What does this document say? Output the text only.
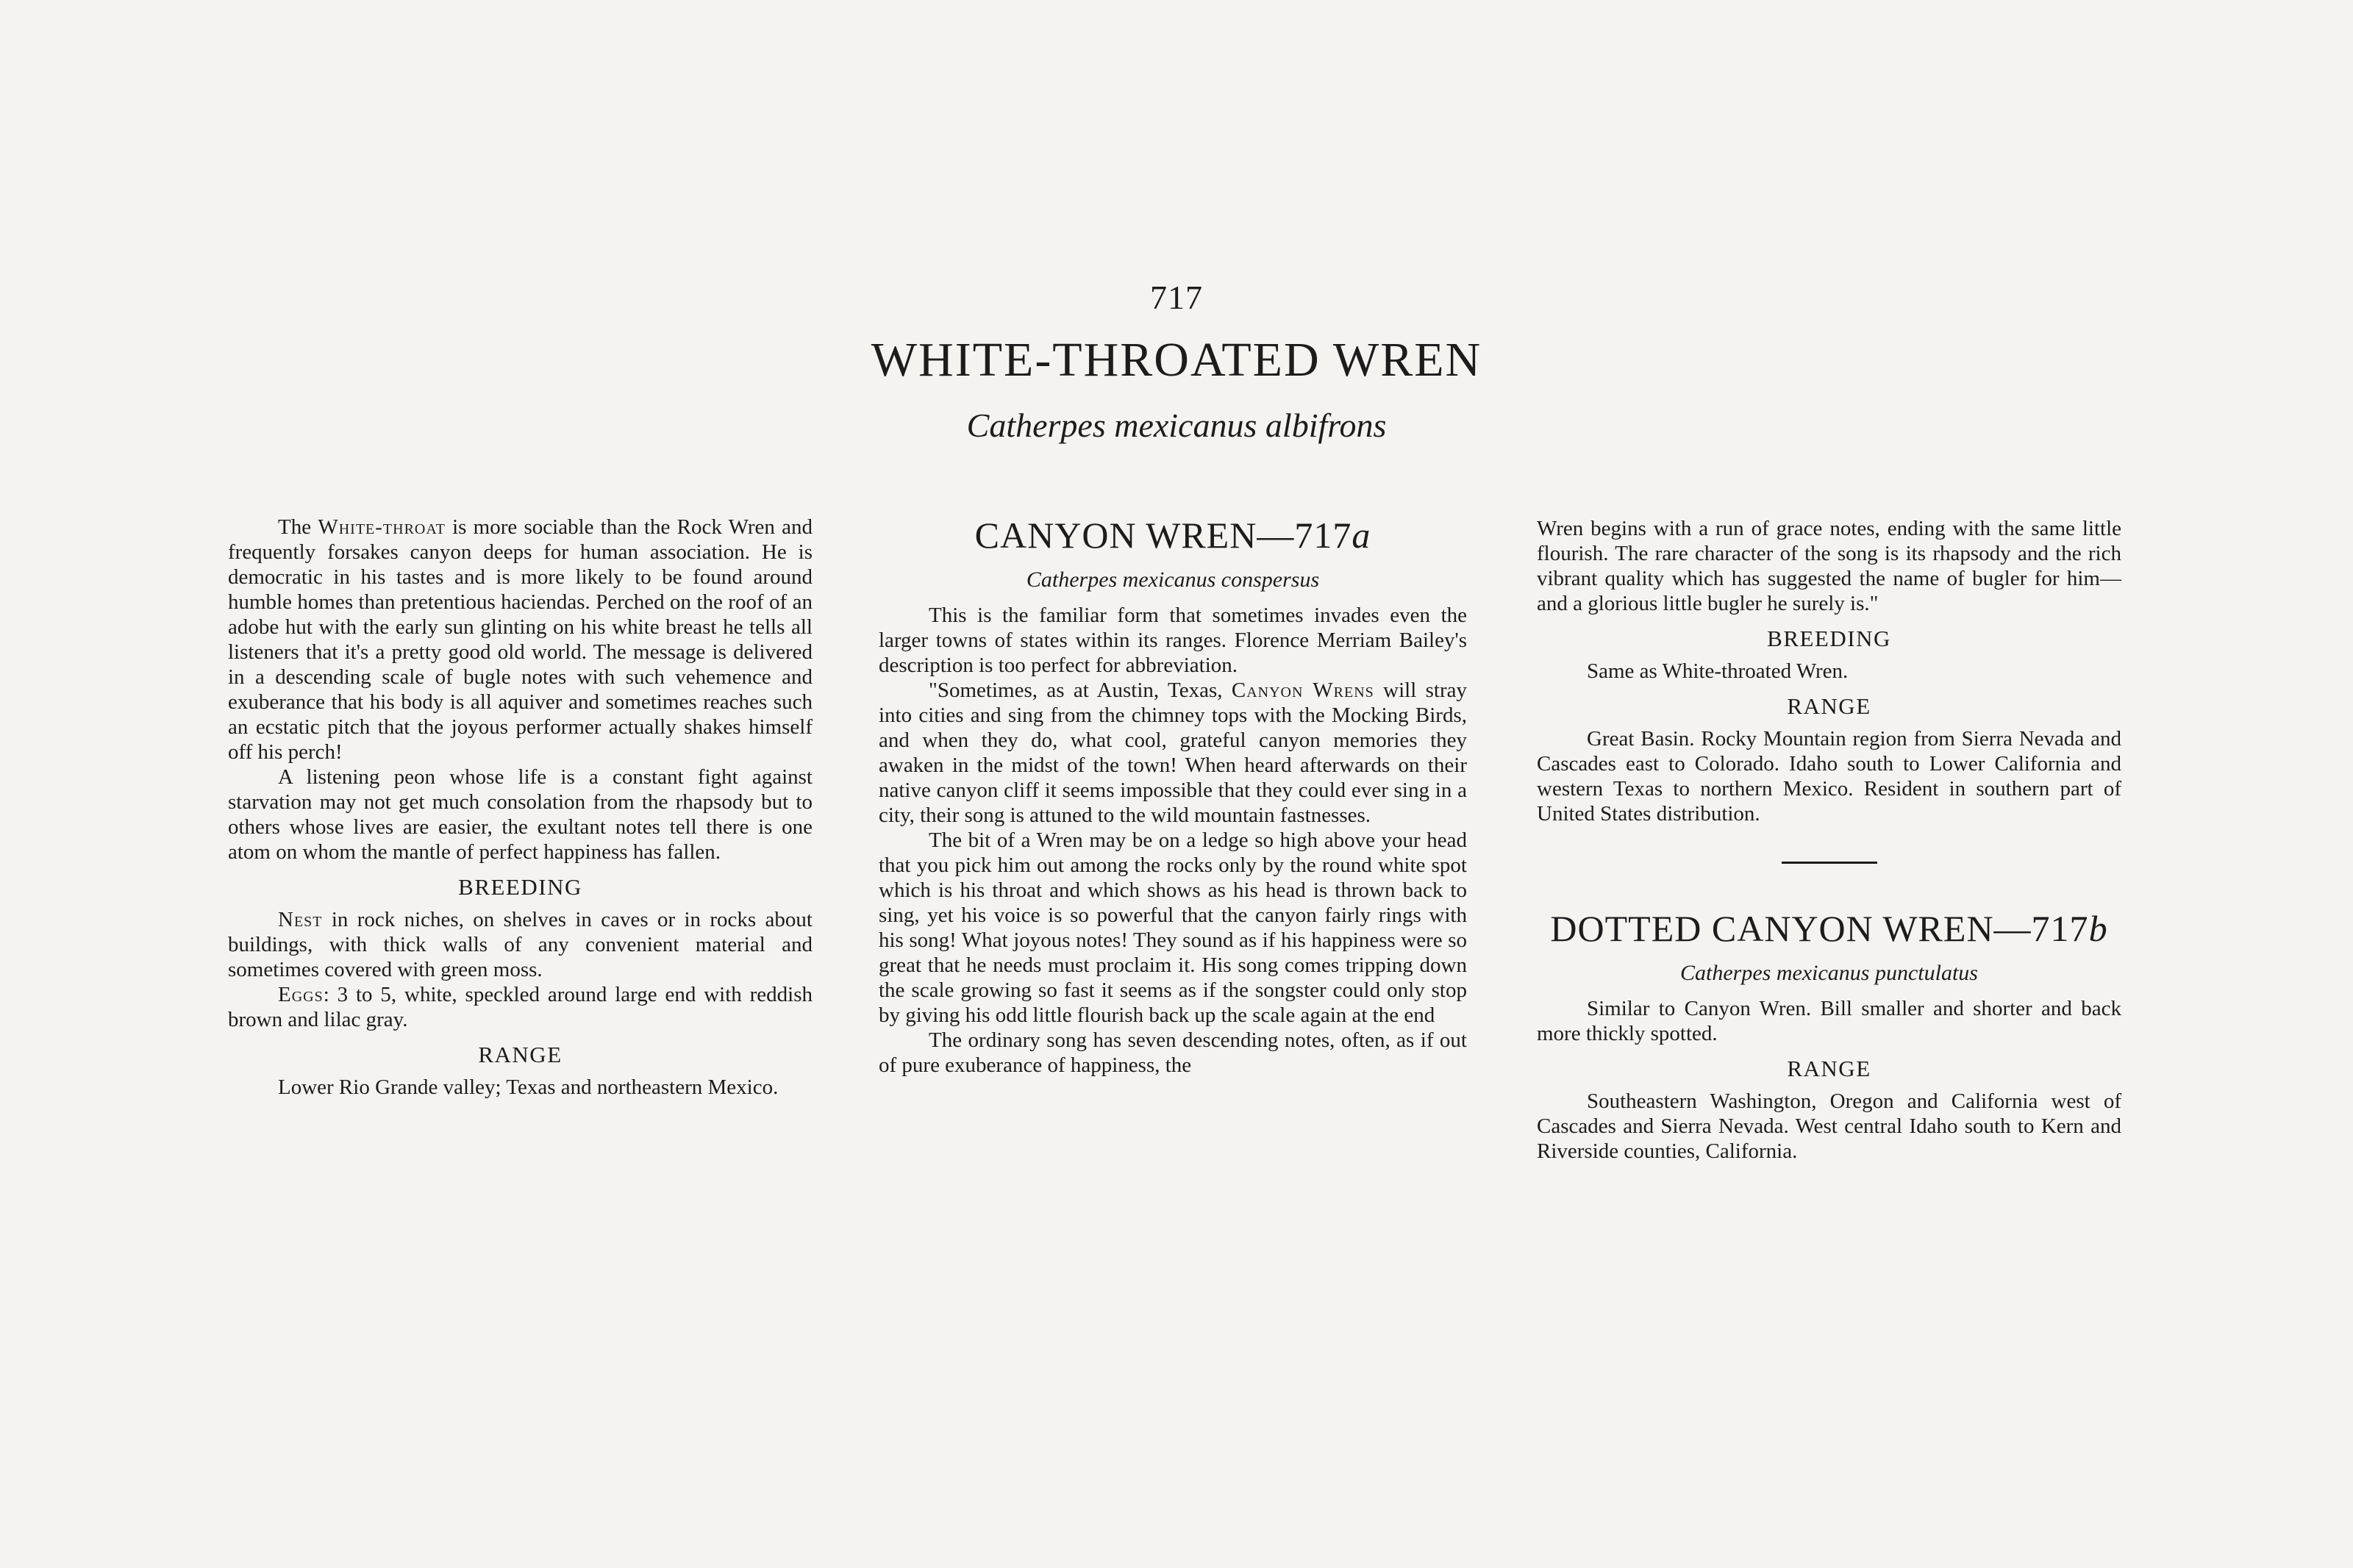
717
WHITE-THROATED WREN
Catherpes mexicanus albifrons

The White-throat is more sociable than the Rock Wren and frequently forsakes canyon deeps for human association. He is democratic in his tastes and is more likely to be found around humble homes than pretentious haciendas. Perched on the roof of an adobe hut with the early sun glinting on his white breast he tells all listeners that it's a pretty good old world. The message is delivered in a descending scale of bugle notes with such vehemence and exuberance that his body is all aquiver and sometimes reaches such an ecstatic pitch that the joyous performer actually shakes himself off his perch!

A listening peon whose life is a constant fight against starvation may not get much consolation from the rhapsody but to others whose lives are easier, the exultant notes tell there is one atom on whom the mantle of perfect happiness has fallen.

BREEDING

Nest in rock niches, on shelves in caves or in rocks about buildings, with thick walls of any convenient material and sometimes covered with green moss.

Eggs: 3 to 5, white, speckled around large end with reddish brown and lilac gray.

RANGE

Lower Rio Grande valley; Texas and northeastern Mexico.

CANYON WREN—717a
Catherpes mexicanus conspersus

This is the familiar form that sometimes invades even the larger towns of states within its ranges. Florence Merriam Bailey's description is too perfect for abbreviation.

"Sometimes, as at Austin, Texas, Canyon Wrens will stray into cities and sing from the chimney tops with the Mocking Birds, and when they do, what cool, grateful canyon memories they awaken in the midst of the town! When heard afterwards on their native canyon cliff it seems impossible that they could ever sing in a city, their song is attuned to the wild mountain fastnesses.

The bit of a Wren may be on a ledge so high above your head that you pick him out among the rocks only by the round white spot which is his throat and which shows as his head is thrown back to sing, yet his voice is so powerful that the canyon fairly rings with his song! What joyous notes! They sound as if his happiness were so great that he needs must proclaim it. His song comes tripping down the scale growing so fast it seems as if the songster could only stop by giving his odd little flourish back up the scale again at the end

The ordinary song has seven descending notes, often, as if out of pure exuberance of happiness, the

Wren begins with a run of grace notes, ending with the same little flourish. The rare character of the song is its rhapsody and the rich vibrant quality which has suggested the name of bugler for him—and a glorious little bugler he surely is."

BREEDING

Same as White-throated Wren.

RANGE

Great Basin. Rocky Mountain region from Sierra Nevada and Cascades east to Colorado. Idaho south to Lower California and western Texas to northern Mexico. Resident in southern part of United States distribution.

DOTTED CANYON WREN—717b
Catherpes mexicanus punctulatus

Similar to Canyon Wren. Bill smaller and shorter and back more thickly spotted.

RANGE

Southeastern Washington, Oregon and California west of Cascades and Sierra Nevada. West central Idaho south to Kern and Riverside counties, California.
